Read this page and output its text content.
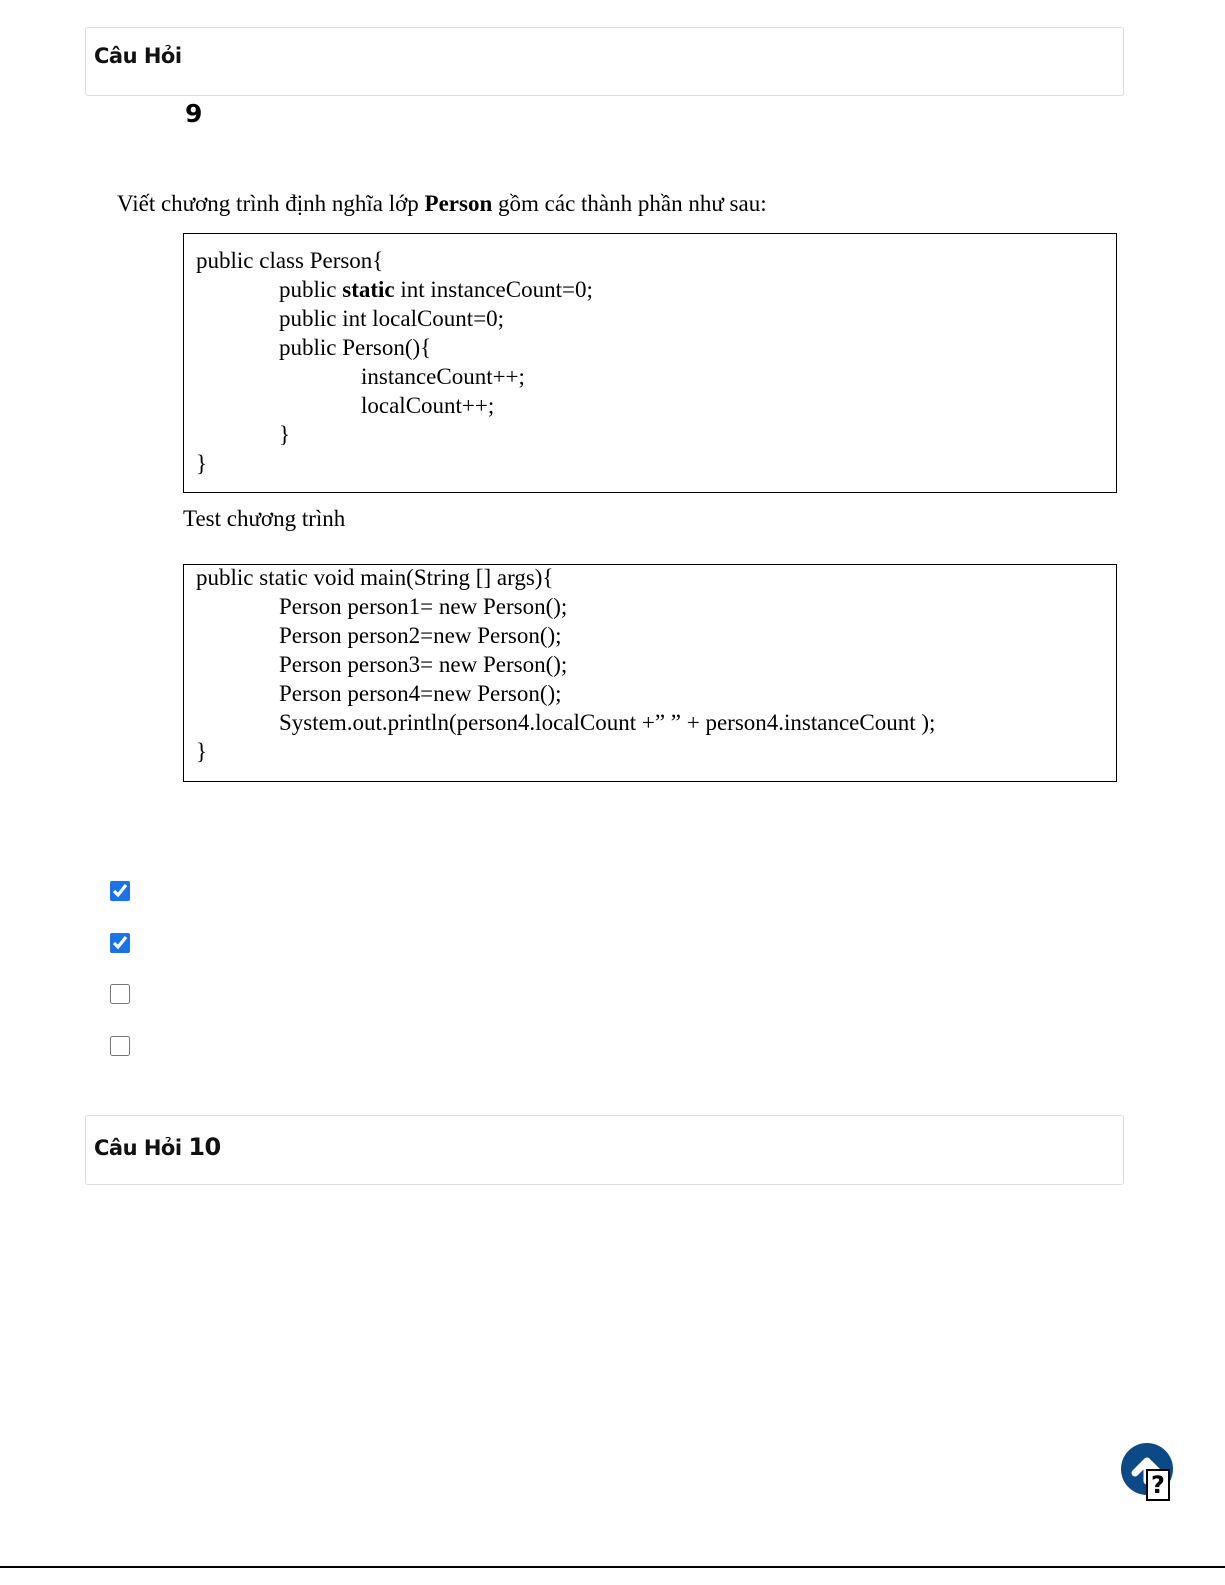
Câu Hỏi
9
Viết chương trình định nghĩa lớp Person gồm các thành phần như sau:
public class Person{
public static int instanceCount=0;
public int localCount=0;
public Person(){
instanceCount++;
localCount++;
}
}
Test chương trình
public static void main(String [] args){
Person person1= new Person();
Person person2=new Person();
Person person3= new Person();
Person person4=new Person();
System.out.println(person4.localCount +” ” + person4.instanceCount );
}
Câu Hỏi 10
?
